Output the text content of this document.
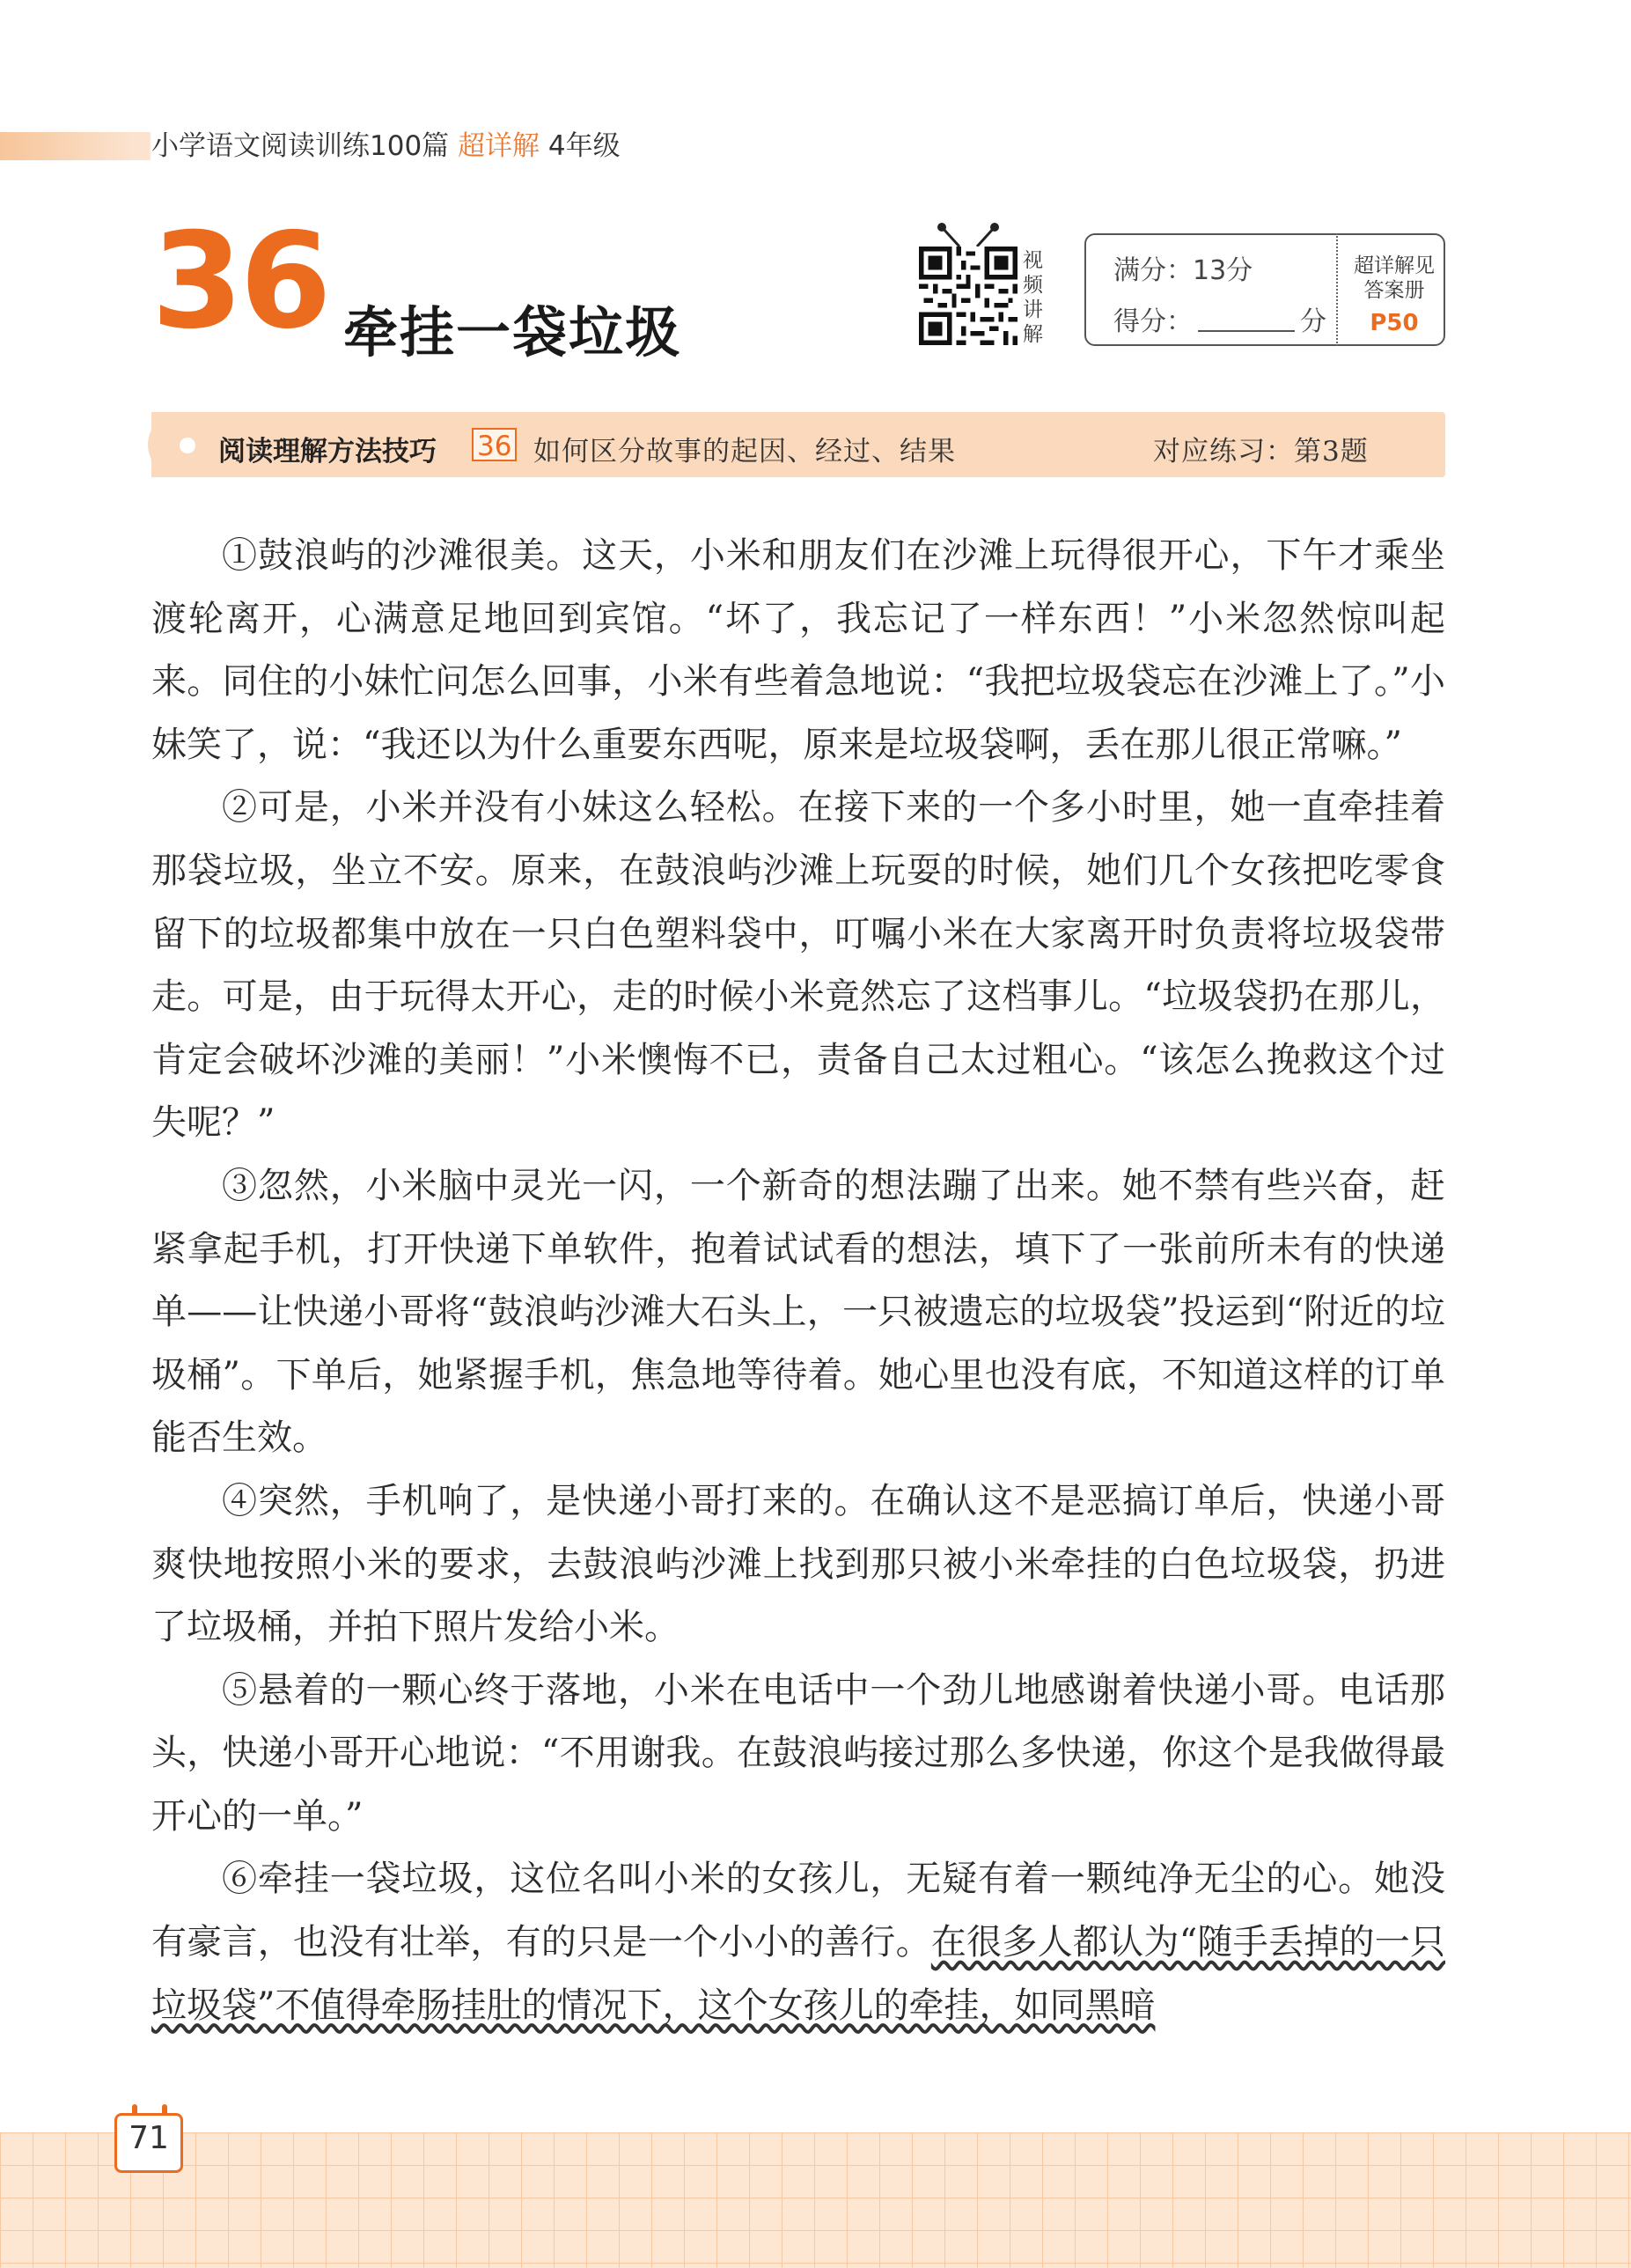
小学语文阅读训练100篇 超详解 4年级
36 牵挂一袋垃圾
视频讲解
满分：13分
得分：	分
超详解见答案册
P50
阅读理解方法技巧 36 如何区分故事的起因、经过、结果	对应练习：第3题

①鼓浪屿的沙滩很美。这天，小米和朋友们在沙滩上玩得很开心，下午才乘坐渡轮离开，心满意足地回到宾馆。“坏了，我忘记了一样东西！”小米忽然惊叫起来。同住的小妹忙问怎么回事，小米有些着急地说：“我把垃圾袋忘在沙滩上了。”小妹笑了，说：“我还以为什么重要东西呢，原来是垃圾袋啊，丢在那儿很正常嘛。”

②可是，小米并没有小妹这么轻松。在接下来的一个多小时里，她一直牵挂着那袋垃圾，坐立不安。原来，在鼓浪屿沙滩上玩耍的时候，她们几个女孩把吃零食留下的垃圾都集中放在一只白色塑料袋中，叮嘱小米在大家离开时负责将垃圾袋带走。可是，由于玩得太开心，走的时候小米竟然忘了这档事儿。“垃圾袋扔在那儿，肯定会破坏沙滩的美丽！”小米懊悔不已，责备自己太过粗心。“该怎么挽救这个过失呢？”

③忽然，小米脑中灵光一闪，一个新奇的想法蹦了出来。她不禁有些兴奋，赶紧拿起手机，打开快递下单软件，抱着试试看的想法，填下了一张前所未有的快递单——让快递小哥将“鼓浪屿沙滩大石头上，一只被遗忘的垃圾袋”投运到“附近的垃圾桶”。下单后，她紧握手机，焦急地等待着。她心里也没有底，不知道这样的订单能否生效。

④突然，手机响了，是快递小哥打来的。在确认这不是恶搞订单后，快递小哥爽快地按照小米的要求，去鼓浪屿沙滩上找到那只被小米牵挂的白色垃圾袋，扔进了垃圾桶，并拍下照片发给小米。

⑤悬着的一颗心终于落地，小米在电话中一个劲儿地感谢着快递小哥。电话那头，快递小哥开心地说：“不用谢我。在鼓浪屿接过那么多快递，你这个是我做得最开心的一单。”

⑥牵挂一袋垃圾，这位名叫小米的女孩儿，无疑有着一颗纯净无尘的心。她没有豪言，也没有壮举，有的只是一个小小的善行。在很多人都认为“随手丢掉的一只垃圾袋”不值得牵肠挂肚的情况下，这个女孩儿的牵挂，如同黑暗

71
